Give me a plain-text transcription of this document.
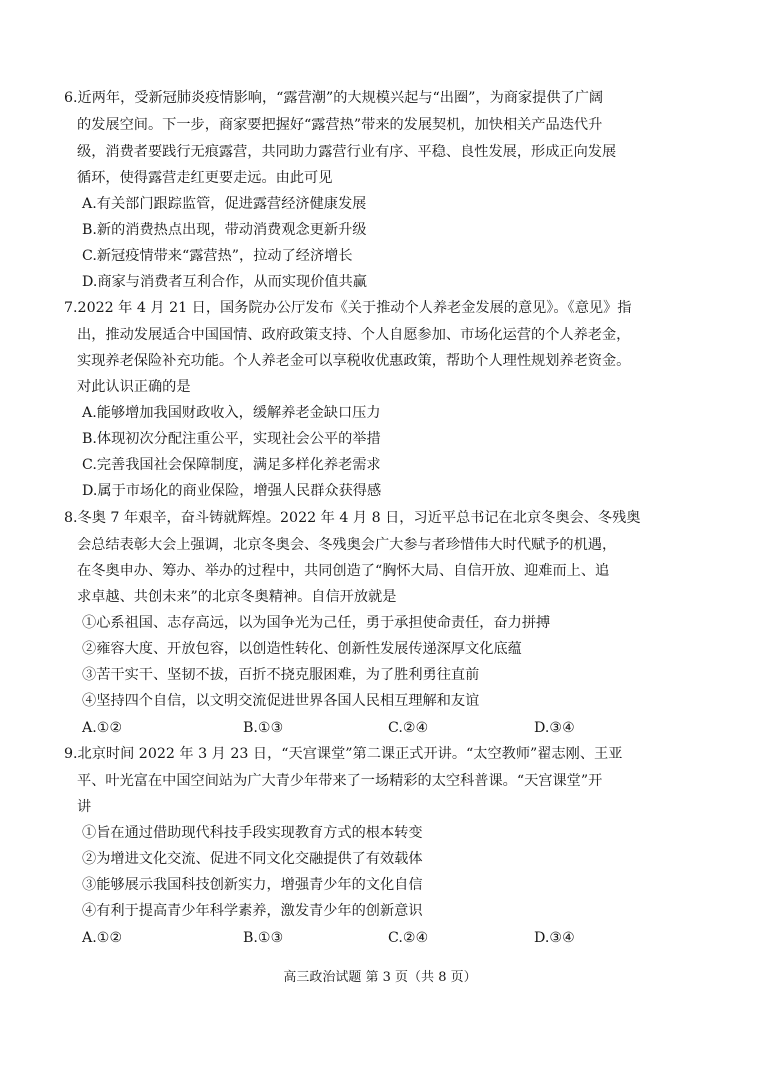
6.近两年，受新冠肺炎疫情影响，“露营潮”的大规模兴起与“出圈”，为商家提供了广阔
的发展空间。下一步，商家要把握好“露营热”带来的发展契机，加快相关产品迭代升
级，消费者要践行无痕露营，共同助力露营行业有序、平稳、良性发展，形成正向发展
循环，使得露营走红更要走远。由此可见
A.有关部门跟踪监管，促进露营经济健康发展
B.新的消费热点出现，带动消费观念更新升级
C.新冠疫情带来“露营热”，拉动了经济增长
D.商家与消费者互利合作，从而实现价值共赢
7.2022 年 4 月 21 日，国务院办公厅发布《关于推动个人养老金发展的意见》。《意见》指
出，推动发展适合中国国情、政府政策支持、个人自愿参加、市场化运营的个人养老金，
实现养老保险补充功能。个人养老金可以享税收优惠政策，帮助个人理性规划养老资金。
对此认识正确的是
A.能够增加我国财政收入，缓解养老金缺口压力
B.体现初次分配注重公平，实现社会公平的举措
C.完善我国社会保障制度，满足多样化养老需求
D.属于市场化的商业保险，增强人民群众获得感
8.冬奥 7 年艰辛，奋斗铸就辉煌。2022 年 4 月 8 日，习近平总书记在北京冬奥会、冬残奥
会总结表彰大会上强调，北京冬奥会、冬残奥会广大参与者珍惜伟大时代赋予的机遇，
在冬奥申办、筹办、举办的过程中，共同创造了“胸怀大局、自信开放、迎难而上、追
求卓越、共创未来”的北京冬奥精神。自信开放就是
①心系祖国、志存高远，以为国争光为己任，勇于承担使命责任，奋力拼搏
②雍容大度、开放包容，以创造性转化、创新性发展传递深厚文化底蕴
③苦干实干、坚韧不拔，百折不挠克服困难，为了胜利勇往直前
④坚持四个自信，以文明交流促进世界各国人民相互理解和友谊
A.①②	B.①③	C.②④	D.③④
9.北京时间 2022 年 3 月 23 日，“天宫课堂”第二课正式开讲。“太空教师”翟志刚、王亚
平、叶光富在中国空间站为广大青少年带来了一场精彩的太空科普课。“天宫课堂”开
讲
①旨在通过借助现代科技手段实现教育方式的根本转变
②为增进文化交流、促进不同文化交融提供了有效载体
③能够展示我国科技创新实力，增强青少年的文化自信
④有利于提高青少年科学素养，激发青少年的创新意识
A.①②	B.①③	C.②④	D.③④
高三政治试题 第 3 页（共 8 页）
